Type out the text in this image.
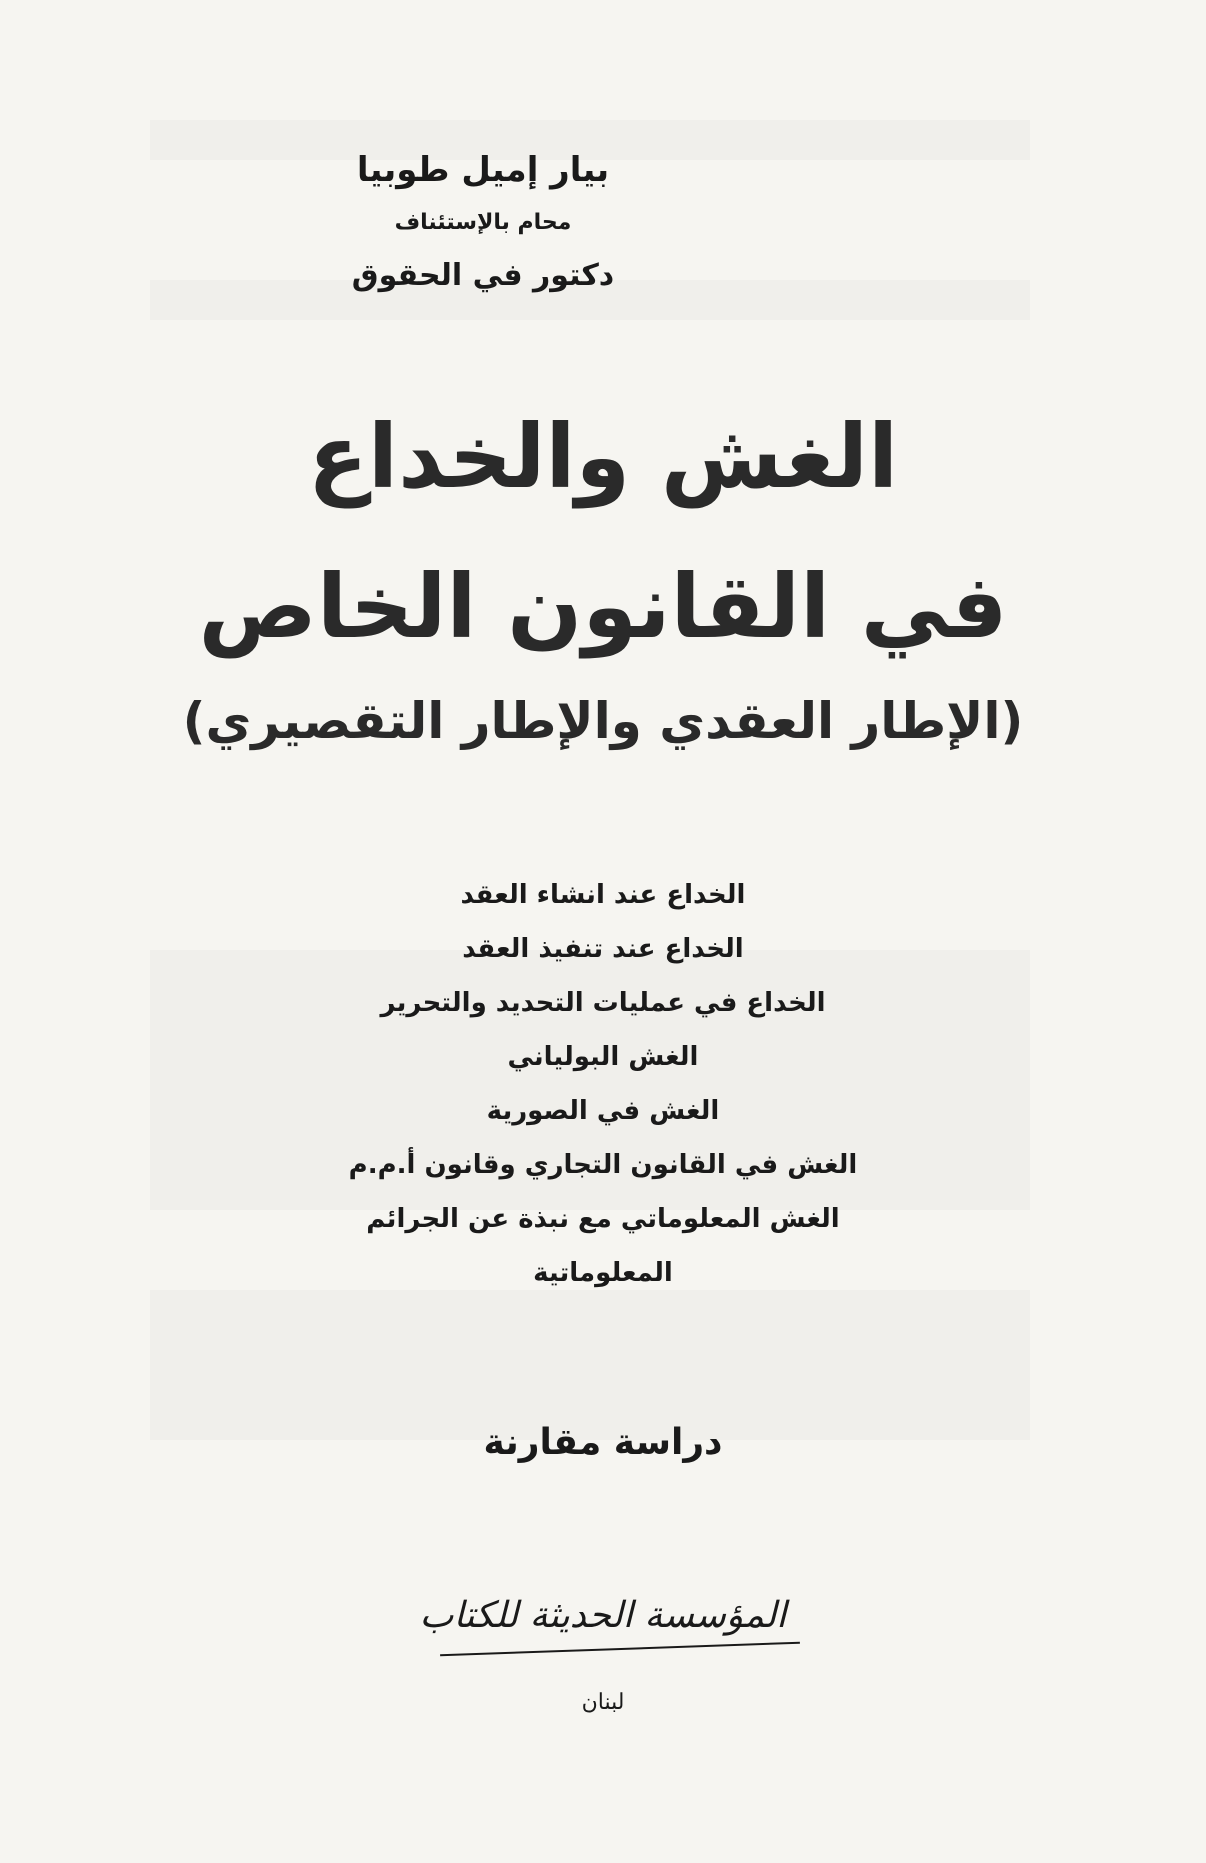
بيار إميل طوبيا
محام بالإستئناف
دكتور في الحقوق
الغش والخداع
في القانون الخاص
(الإطار العقدي والإطار التقصيري)
الخداع عند انشاء العقد
الخداع عند تنفيذ العقد
الخداع في عمليات التحديد والتحرير
الغش البولياني
الغش في الصورية
الغش في القانون التجاري وقانون أ.م.م
الغش المعلوماتي مع نبذة عن الجرائم
المعلوماتية
دراسة مقارنة
المؤسسة الحديثة للكتاب
لبنان
